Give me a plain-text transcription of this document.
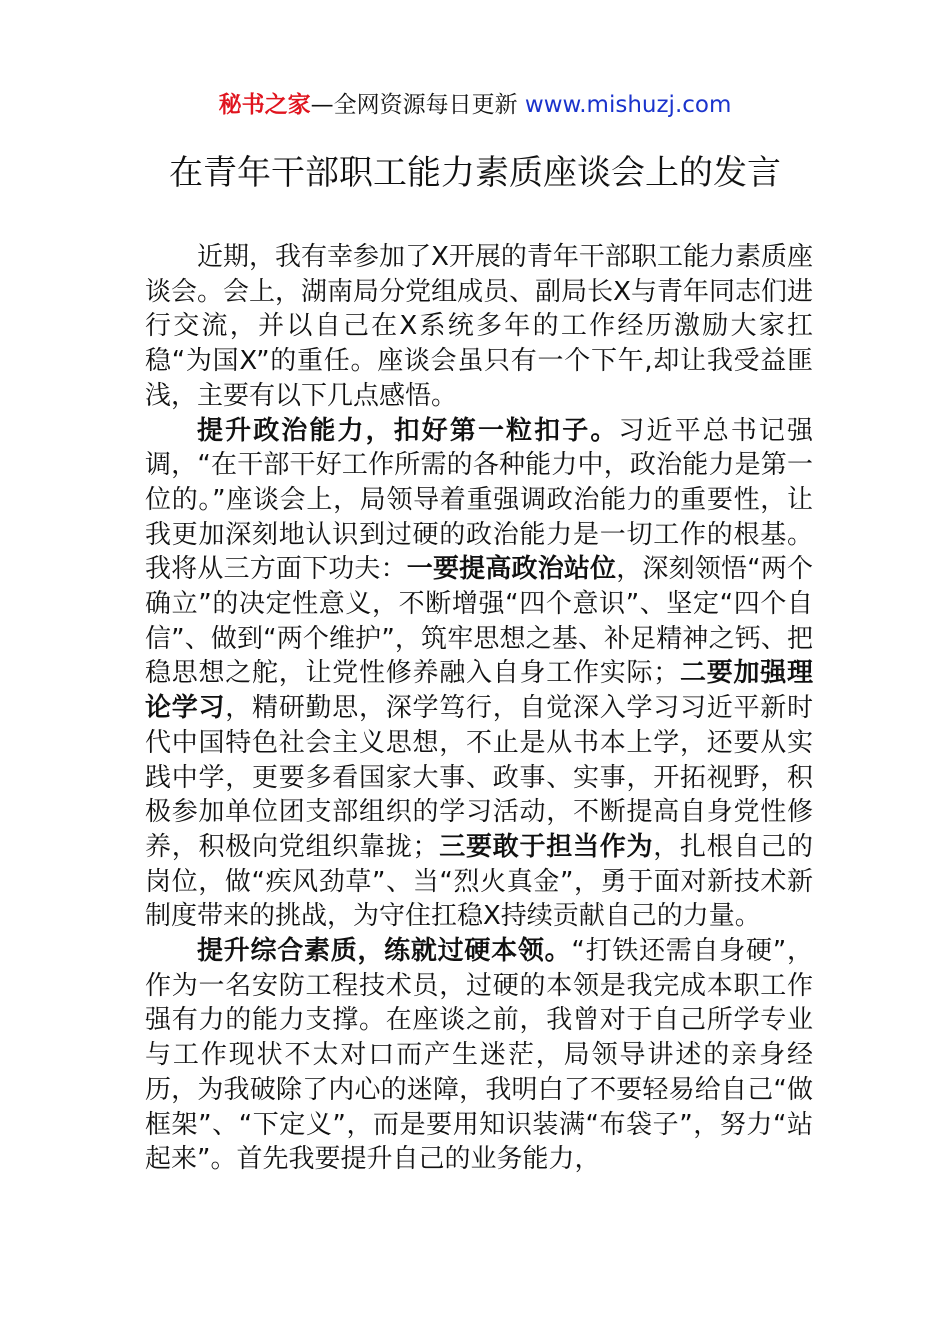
秘书之家—全网资源每日更新 www.mishuzj.com
在青年干部职工能力素质座谈会上的发言

近期，我有幸参加了X开展的青年干部职工能力素质座谈会。会上，湖南局分党组成员、副局长X与青年同志们进行交流，并以自己在X系统多年的工作经历激励大家扛稳“为国X”的重任。座谈会虽只有一个下午,却让我受益匪浅，主要有以下几点感悟。

提升政治能力，扣好第一粒扣子。习近平总书记强调，“在干部干好工作所需的各种能力中，政治能力是第一位的。”座谈会上，局领导着重强调政治能力的重要性，让我更加深刻地认识到过硬的政治能力是一切工作的根基。我将从三方面下功夫：一要提高政治站位，深刻领悟“两个确立”的决定性意义，不断增强“四个意识”、坚定“四个自信”、做到“两个维护”，筑牢思想之基、补足精神之钙、把稳思想之舵，让党性修养融入自身工作实际；二要加强理论学习，精研勤思，深学笃行，自觉深入学习习近平新时代中国特色社会主义思想，不止是从书本上学，还要从实践中学，更要多看国家大事、政事、实事，开拓视野，积极参加单位团支部组织的学习活动，不断提高自身党性修养，积极向党组织靠拢；三要敢于担当作为，扎根自己的岗位，做“疾风劲草”、当“烈火真金”，勇于面对新技术新制度带来的挑战，为守住扛稳X持续贡献自己的力量。

提升综合素质，练就过硬本领。“打铁还需自身硬”，作为一名安防工程技术员，过硬的本领是我完成本职工作强有力的能力支撑。在座谈之前，我曾对于自己所学专业与工作现状不太对口而产生迷茫，局领导讲述的亲身经历，为我破除了内心的迷障，我明白了不要轻易给自己“做框架”、“下定义”，而是要用知识装满“布袋子”，努力“站起来”。首先我要提升自己的业务能力，
